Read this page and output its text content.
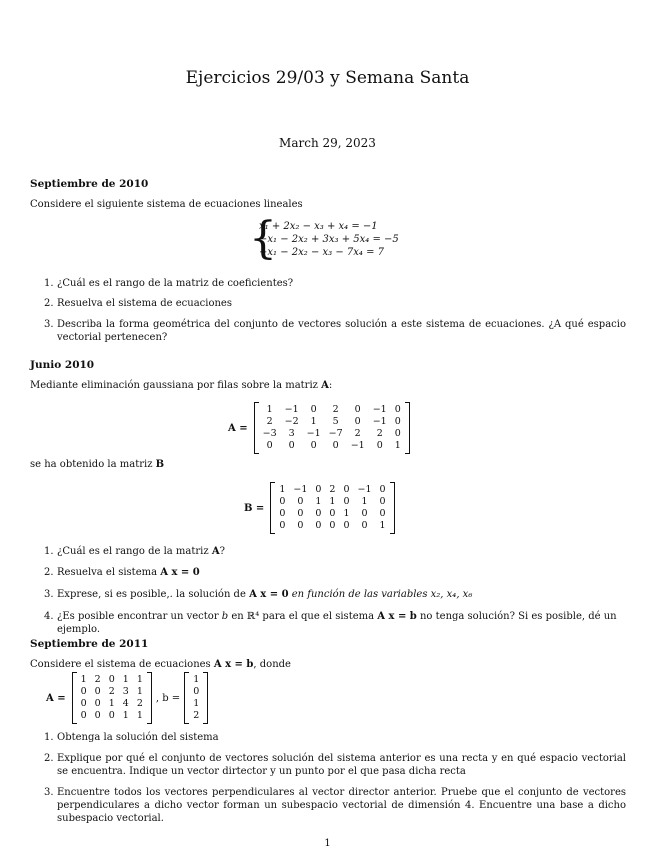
Ejercicios 29/03 y Semana Santa
March 29, 2023
Septiembre de 2010
Considere el siguiente sistema de ecuaciones lineales
{
x₁ + 2x₂ − x₃ + x₄ = −1
−x₁ − 2x₂ + 3x₃ + 5x₄ = −5
−x₁ − 2x₂ − x₃ − 7x₄ = 7
1. ¿Cuál es el rango de la matriz de coeficientes?
2. Resuelva el sistema de ecuaciones
3. Describa la forma geométrica del conjunto de vectores solución a este sistema de ecuaciones. ¿A qué espacio vectorial pertenecen?
Junio 2010
Mediante eliminación gaussiana por filas sobre la matriz A:
A =
1	−1	0	2	0	−1	0
2	−2	1	5	0	−1	0
−3	3	−1	−7	2	2	0
0	0	0	0	−1	0	1
se ha obtenido la matriz B
B =
1	−1	0	2	0	−1	0
0	0	1	1	0	1	0
0	0	0	0	1	0	0
0	0	0	0	0	0	1
1. ¿Cuál es el rango de la matriz A?
2. Resuelva el sistema A x = 0
3. Exprese, si es posible,. la solución de A x = 0 en función de las variables x₂, x₄, x₆
4. ¿Es posible encontrar un vector b en ℝ⁴ para el que el sistema A x = b no tenga solución? Si es posible, dé un ejemplo.
Septiembre de 2011
Considere el sistema de ecuaciones A x = b, donde
A =
1	2	0	1	1
0	0	2	3	1
0	0	1	4	2
0	0	0	1	1
, b =
1
0
1
2
1. Obtenga la solución del sistema
2. Explique por qué el conjunto de vectores solución del sistema anterior es una recta y en qué espacio vectorial se encuentra. Indique un vector dirtector y un punto por el que pasa dicha recta
3. Encuentre todos los vectores perpendiculares al vector director anterior. Pruebe que el conjunto de vectores perpendiculares a dicho vector forman un subespacio vectorial de dimensión 4. Encuentre una base a dicho subespacio vectorial.
1
